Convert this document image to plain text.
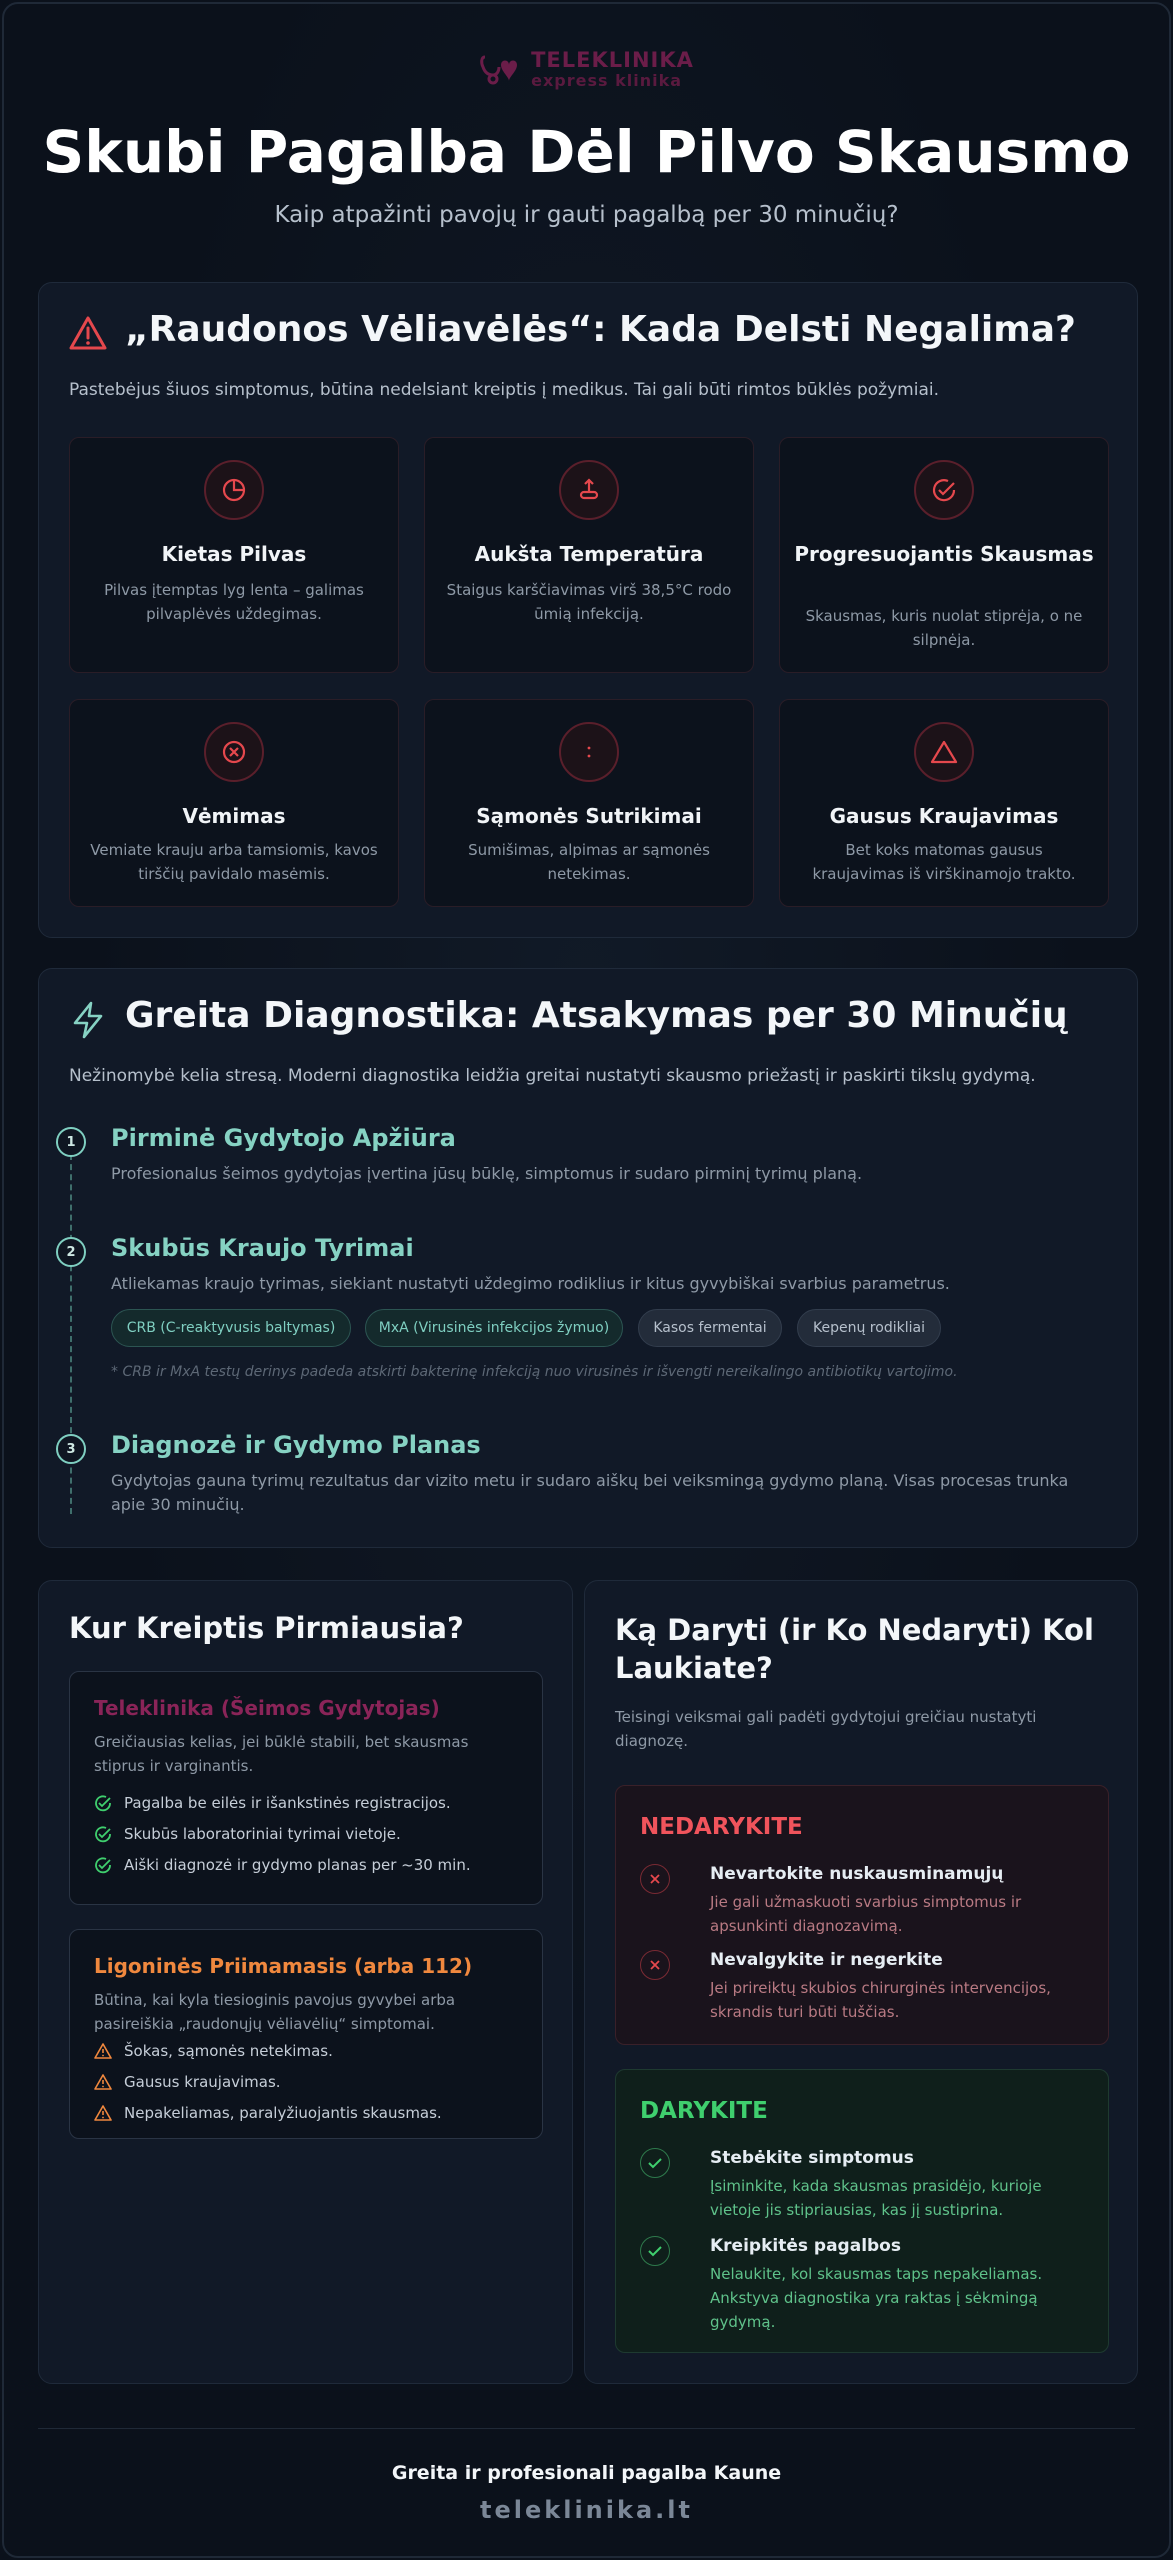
TELEKLINIKA
express klinika
Skubi Pagalba Dėl Pilvo Skausmo
Kaip atpažinti pavojų ir gauti pagalbą per 30 minučių?
„Raudonos Vėliavėlės“: Kada Delsti Negalima?
Pastebėjus šiuos simptomus, būtina nedelsiant kreiptis į medikus. Tai gali būti rimtos būklės požymiai.
Kietas Pilvas
Pilvas įtemptas lyg lenta – galimas pilvaplėvės uždegimas.
Aukšta Temperatūra
Staigus karščiavimas virš 38,5°C rodo ūmią infekciją.
Progresuojantis Skausmas
Skausmas, kuris nuolat stiprėja, o ne silpnėja.
Vėmimas
Vemiate krauju arba tamsiomis, kavos tirščių pavidalo masėmis.
Sąmonės Sutrikimai
Sumišimas, alpimas ar sąmonės netekimas.
Gausus Kraujavimas
Bet koks matomas gausus kraujavimas iš virškinamojo trakto.
Greita Diagnostika: Atsakymas per 30 Minučių
Nežinomybė kelia stresą. Moderni diagnostika leidžia greitai nustatyti skausmo priežastį ir paskirti tikslų gydymą.
1	Pirminė Gydytojo Apžiūra
Profesionalus šeimos gydytojas įvertina jūsų būklę, simptomus ir sudaro pirminį tyrimų planą.
2	Skubūs Kraujo Tyrimai
Atliekamas kraujo tyrimas, siekiant nustatyti uždegimo rodiklius ir kitus gyvybiškai svarbius parametrus.
CRB (C-reaktyvusis baltymas)	MxA (Virusinės infekcijos žymuo)	Kasos fermentai	Kepenų rodikliai
* CRB ir MxA testų derinys padeda atskirti bakterinę infekciją nuo virusinės ir išvengti nereikalingo antibiotikų vartojimo.
3	Diagnozė ir Gydymo Planas
Gydytojas gauna tyrimų rezultatus dar vizito metu ir sudaro aiškų bei veiksmingą gydymo planą. Visas procesas trunka apie 30 minučių.
Kur Kreiptis Pirmiausia?
Teleklinika (Šeimos Gydytojas)
Greičiausias kelias, jei būklė stabili, bet skausmas stiprus ir varginantis.
Pagalba be eilės ir išankstinės registracijos.
Skubūs laboratoriniai tyrimai vietoje.
Aiški diagnozė ir gydymo planas per ~30 min.
Ligoninės Priimamasis (arba 112)
Būtina, kai kyla tiesioginis pavojus gyvybei arba pasireiškia „raudonųjų vėliavėlių“ simptomai.
Šokas, sąmonės netekimas.
Gausus kraujavimas.
Nepakeliamas, paralyžiuojantis skausmas.
Ką Daryti (ir Ko Nedaryti) Kol Laukiate?
Teisingi veiksmai gali padėti gydytojui greičiau nustatyti diagnozę.
NEDARYKITE
Nevartokite nuskausminamųjų
Jie gali užmaskuoti svarbius simptomus ir apsunkinti diagnozavimą.
Nevalgykite ir negerkite
Jei prireiktų skubios chirurginės intervencijos, skrandis turi būti tuščias.
DARYKITE
Stebėkite simptomus
Įsiminkite, kada skausmas prasidėjo, kurioje vietoje jis stipriausias, kas jį sustiprina.
Kreipkitės pagalbos
Nelaukite, kol skausmas taps nepakeliamas. Ankstyva diagnostika yra raktas į sėkmingą gydymą.
Greita ir profesionali pagalba Kaune
teleklinika.lt
